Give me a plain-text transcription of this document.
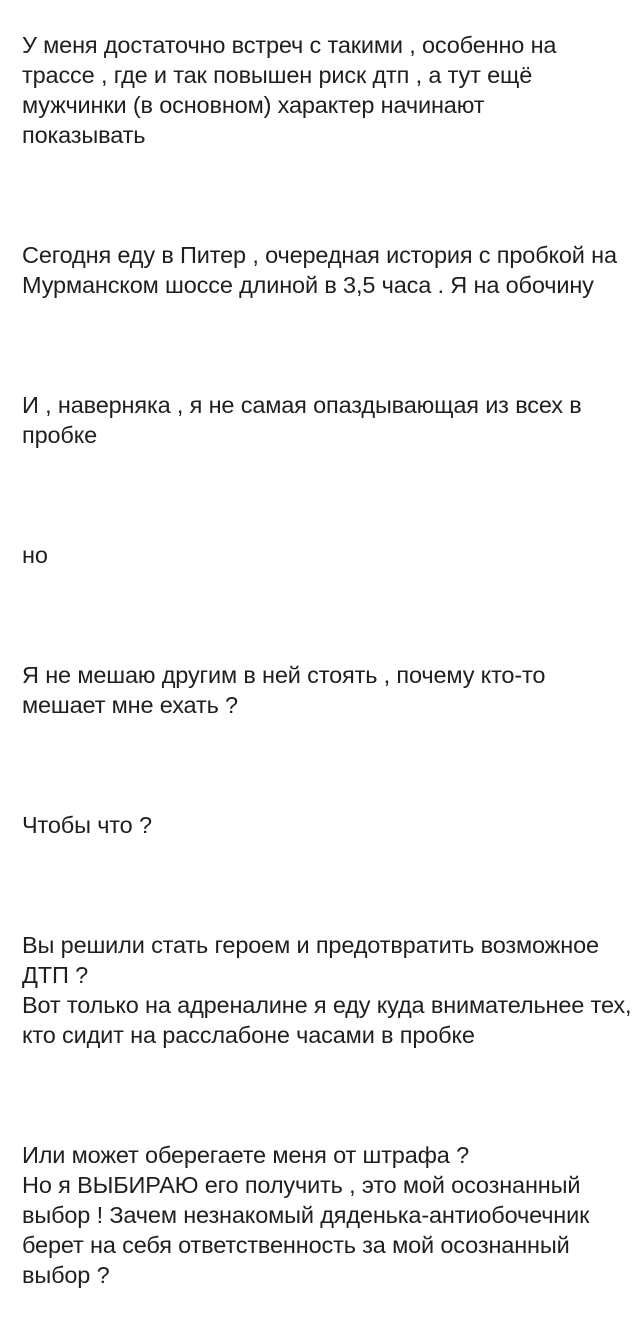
У меня достаточно встреч с такими , особенно на
трассе , где и так повышен риск дтп , а тут ещё
мужчинки (в основном) характер начинают
показывать

Сегодня еду в Питер , очередная история с пробкой на
Мурманском шоссе длиной в 3,5 часа . Я на обочину

И , наверняка , я не самая опаздывающая из всех в
пробке

но

Я не мешаю другим в ней стоять , почему кто-то
мешает мне ехать ?

Чтобы что ?

Вы решили стать героем и предотвратить возможное
ДТП ?
Вот только на адреналине я еду куда внимательнее тех,
кто сидит на расслабоне часами в пробке

Или может оберегаете меня от штрафа ?
Но я ВЫБИРАЮ его получить , это мой осознанный
выбор ! Зачем незнакомый дяденька-антиобочечник
берет на себя ответственность за мой осознанный
выбор ?
